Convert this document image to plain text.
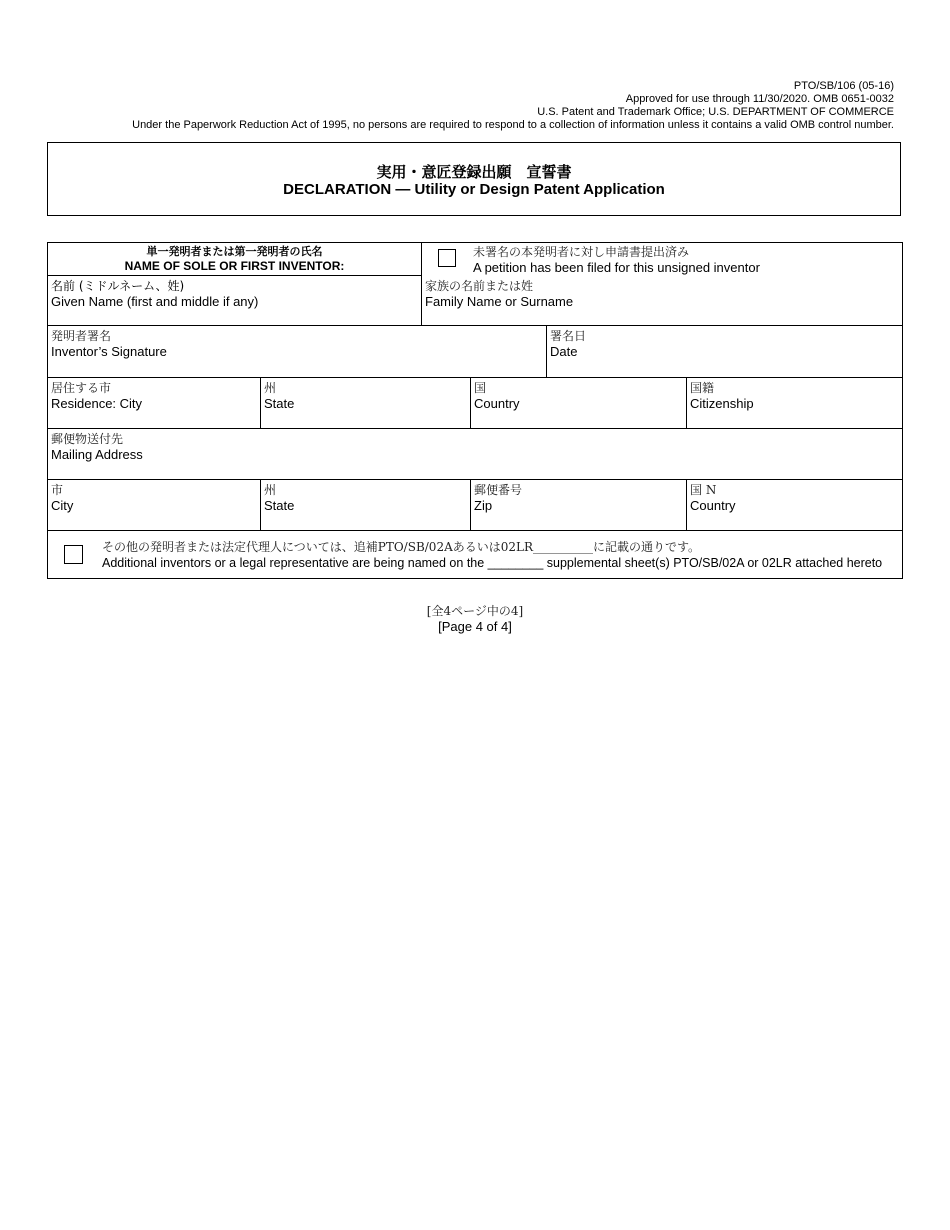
PTO/SB/106 (05-16)
Approved for use through 11/30/2020. OMB 0651-0032
U.S. Patent and Trademark Office; U.S. DEPARTMENT OF COMMERCE
Under the Paperwork Reduction Act of 1995, no persons are required to respond to a collection of information unless it contains a valid OMB control number.
実用・意匠登録出願　宣誓書
DECLARATION — Utility or Design Patent Application
単一発明者または第一発明者の氏名
NAME OF SOLE OR FIRST INVENTOR:
未署名の本発明者に対し申請書提出済み
A petition has been filed for this unsigned inventor
名前 (ミドルネーム、姓)
Given Name (first and middle if any)
家族の名前または姓
Family Name or Surname
発明者署名
Inventor’s Signature
署名日
Date
居住する市
Residence: City
州
State
国
Country
国籍
Citizenship
郵便物送付先
Mailing Address
市
City
州
State
郵便番号
Zip
国 N
Country
その他の発明者または法定代理人については、追補PTO/SB/02Aあるいは02LR__________に記載の通りです。
Additional inventors or a legal representative are being named on the ________ supplemental sheet(s) PTO/SB/02A or 02LR attached hereto
[全4ページ中の4]
[Page 4 of 4]
